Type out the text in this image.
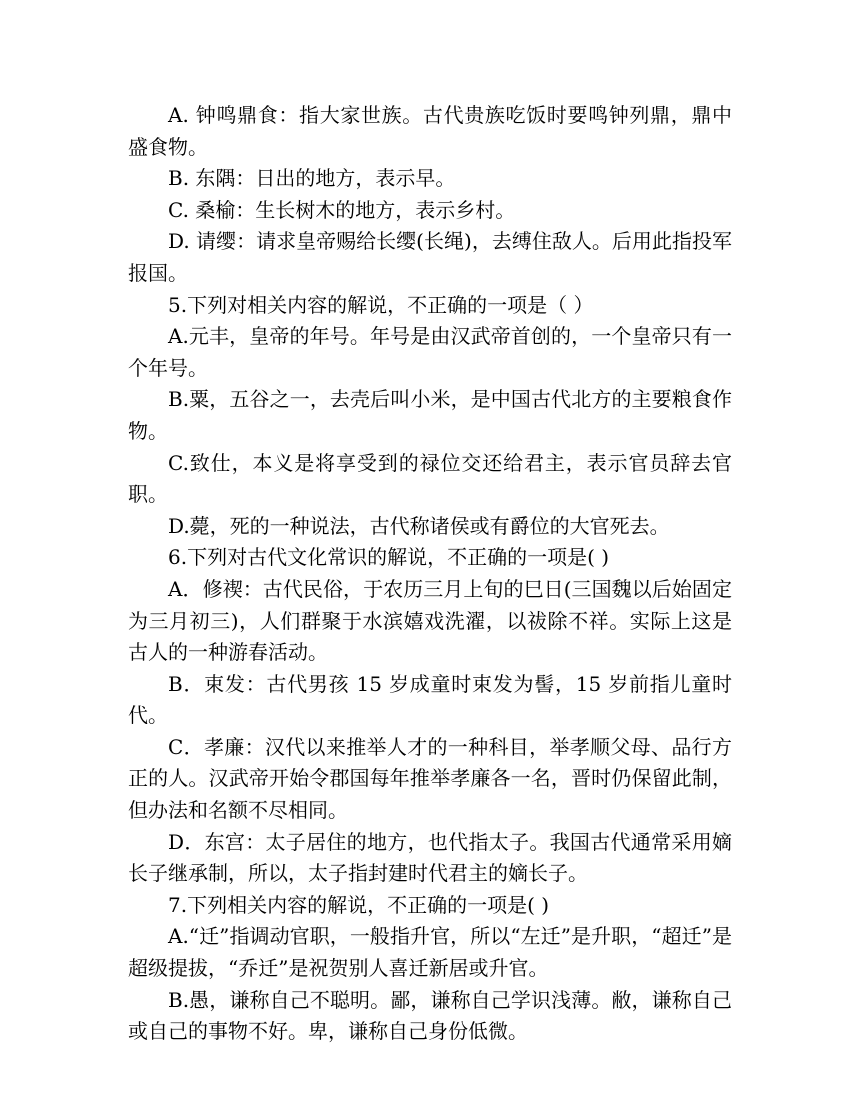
A. 钟鸣鼎食：指大家世族。古代贵族吃饭时要鸣钟列鼎，鼎中盛食物。

B. 东隅：日出的地方，表示早。

C. 桑榆：生长树木的地方，表示乡村。

D. 请缨：请求皇帝赐给长缨(长绳)，去缚住敌人。后用此指投军报国。

5.下列对相关内容的解说，不正确的一项是（ ）

A.元丰，皇帝的年号。年号是由汉武帝首创的，一个皇帝只有一个年号。

B.粟，五谷之一，去壳后叫小米，是中国古代北方的主要粮食作物。

C.致仕，本义是将享受到的禄位交还给君主，表示官员辞去官职。

D.薨，死的一种说法，古代称诸侯或有爵位的大官死去。

6.下列对古代文化常识的解说，不正确的一项是( )

A．修禊：古代民俗，于农历三月上旬的巳日(三国魏以后始固定为三月初三)，人们群聚于水滨嬉戏洗濯，以祓除不祥。实际上这是古人的一种游春活动。

B．束发：古代男孩 15 岁成童时束发为髻，15 岁前指儿童时代。

C．孝廉：汉代以来推举人才的一种科目，举孝顺父母、品行方正的人。汉武帝开始令郡国每年推举孝廉各一名，晋时仍保留此制，但办法和名额不尽相同。

D．东宫：太子居住的地方，也代指太子。我国古代通常采用嫡长子继承制，所以，太子指封建时代君主的嫡长子。

7.下列相关内容的解说，不正确的一项是( )

A.“迁”指调动官职，一般指升官，所以“左迁”是升职，“超迁”是超级提拔，“乔迁”是祝贺别人喜迁新居或升官。

B.愚，谦称自己不聪明。鄙，谦称自己学识浅薄。敝，谦称自己或自己的事物不好。卑，谦称自己身份低微。
